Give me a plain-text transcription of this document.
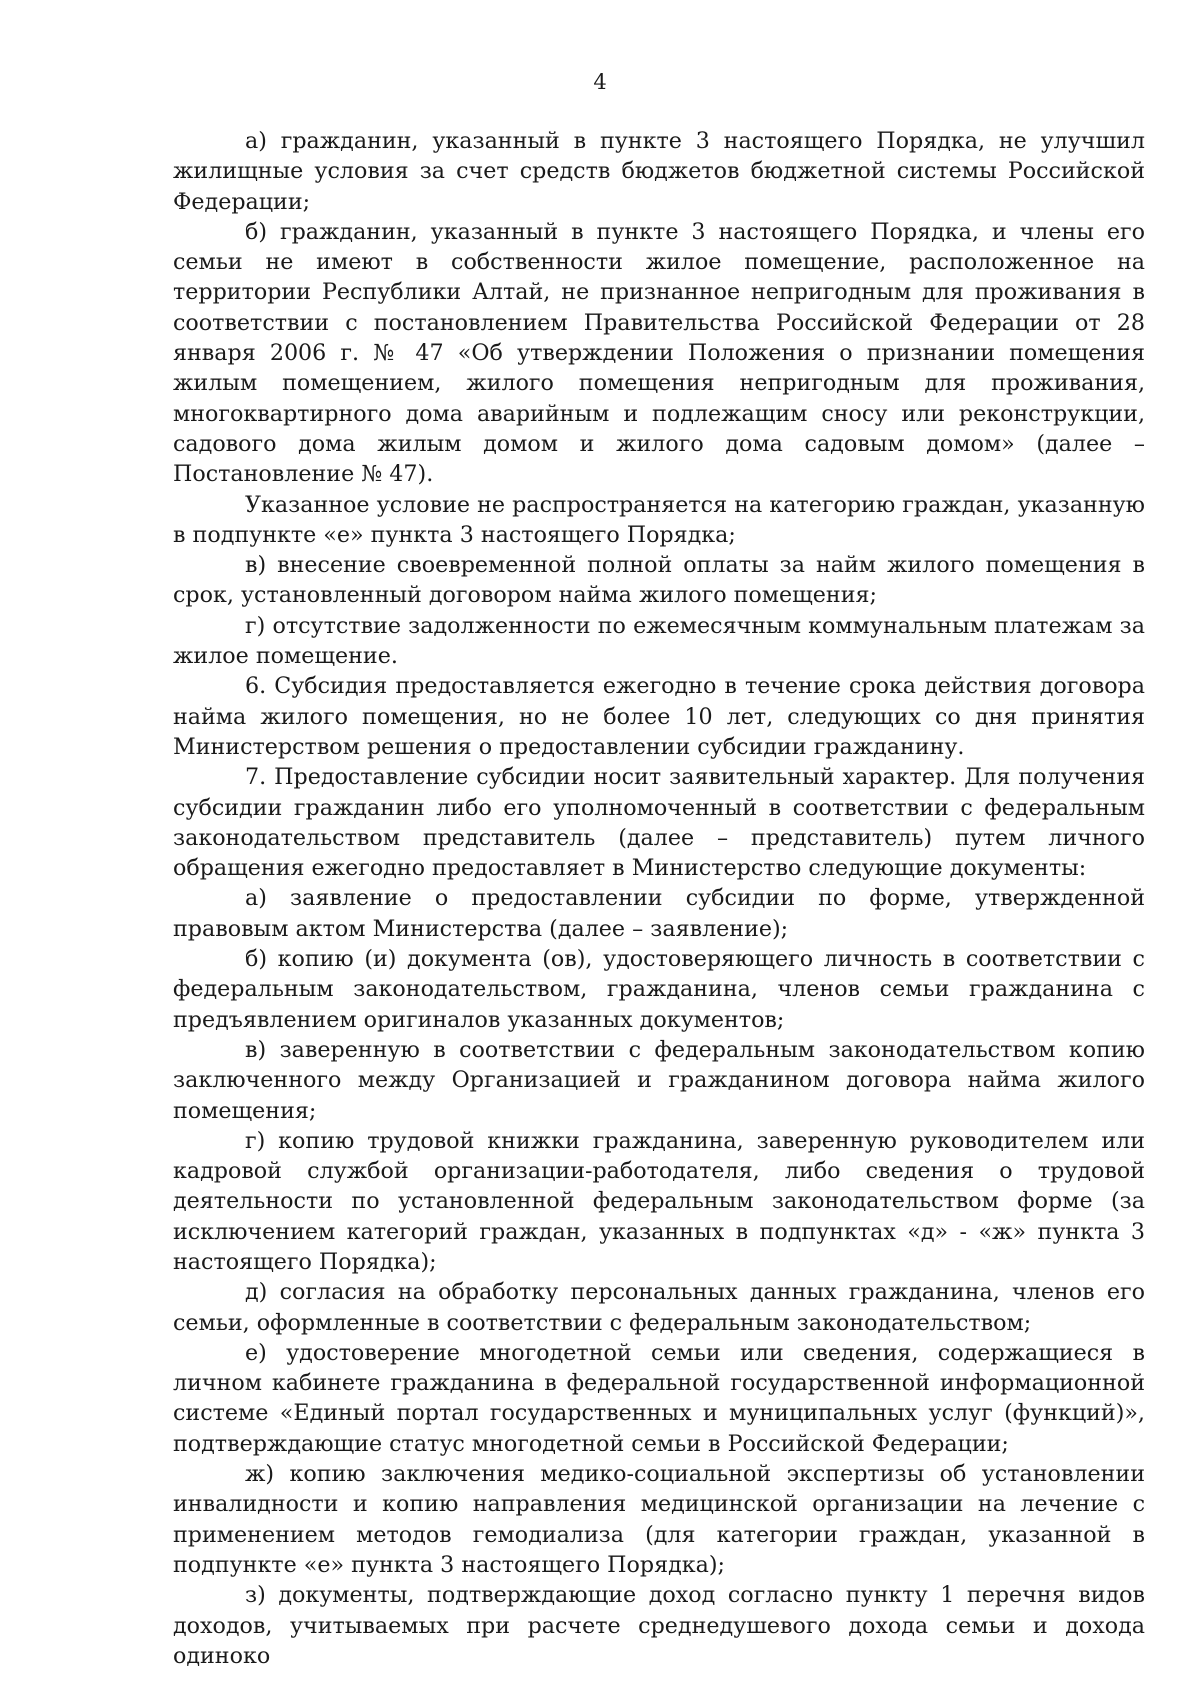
4

а) гражданин, указанный в пункте 3 настоящего Порядка, не улучшил жилищные условия за счет средств бюджетов бюджетной системы Российской Федерации;

б) гражданин, указанный в пункте 3 настоящего Порядка, и члены его семьи не имеют в собственности жилое помещение, расположенное на территории Республики Алтай, не признанное непригодным для проживания в соответствии с постановлением Правительства Российской Федерации от 28 января 2006 г. № 47 «Об утверждении Положения о признании помещения жилым помещением, жилого помещения непригодным для проживания, многоквартирного дома аварийным и подлежащим сносу или реконструкции, садового дома жилым домом и жилого дома садовым домом» (далее – Постановление № 47).

Указанное условие не распространяется на категорию граждан, указанную в подпункте «е» пункта 3 настоящего Порядка;

в) внесение своевременной полной оплаты за найм жилого помещения в срок, установленный договором найма жилого помещения;

г) отсутствие задолженности по ежемесячным коммунальным платежам за жилое помещение.

6. Субсидия предоставляется ежегодно в течение срока действия договора найма жилого помещения, но не более 10 лет, следующих со дня принятия Министерством решения о предоставлении субсидии гражданину.

7. Предоставление субсидии носит заявительный характер. Для получения субсидии гражданин либо его уполномоченный в соответствии с федеральным законодательством представитель (далее – представитель) путем личного обращения ежегодно предоставляет в Министерство следующие документы:

а) заявление о предоставлении субсидии по форме, утвержденной правовым актом Министерства (далее – заявление);

б) копию (и) документа (ов), удостоверяющего личность в соответствии с федеральным законодательством, гражданина, членов семьи гражданина с предъявлением оригиналов указанных документов;

в) заверенную в соответствии с федеральным законодательством копию заключенного между Организацией и гражданином договора найма жилого помещения;

г) копию трудовой книжки гражданина, заверенную руководителем или кадровой службой организации-работодателя, либо сведения о трудовой деятельности по установленной федеральным законодательством форме (за исключением категорий граждан, указанных в подпунктах «д» - «ж» пункта 3 настоящего Порядка);

д) согласия на обработку персональных данных гражданина, членов его семьи, оформленные в соответствии с федеральным законодательством;

е) удостоверение многодетной семьи или сведения, содержащиеся в личном кабинете гражданина в федеральной государственной информационной системе «Единый портал государственных и муниципальных услуг (функций)», подтверждающие статус многодетной семьи в Российской Федерации;

ж) копию заключения медико-социальной экспертизы об установлении инвалидности и копию направления медицинской организации на лечение с применением методов гемодиализа (для категории граждан, указанной в подпункте «е» пункта 3 настоящего Порядка);

з) документы, подтверждающие доход согласно пункту 1 перечня видов доходов, учитываемых при расчете среднедушевого дохода семьи и дохода одиноко
